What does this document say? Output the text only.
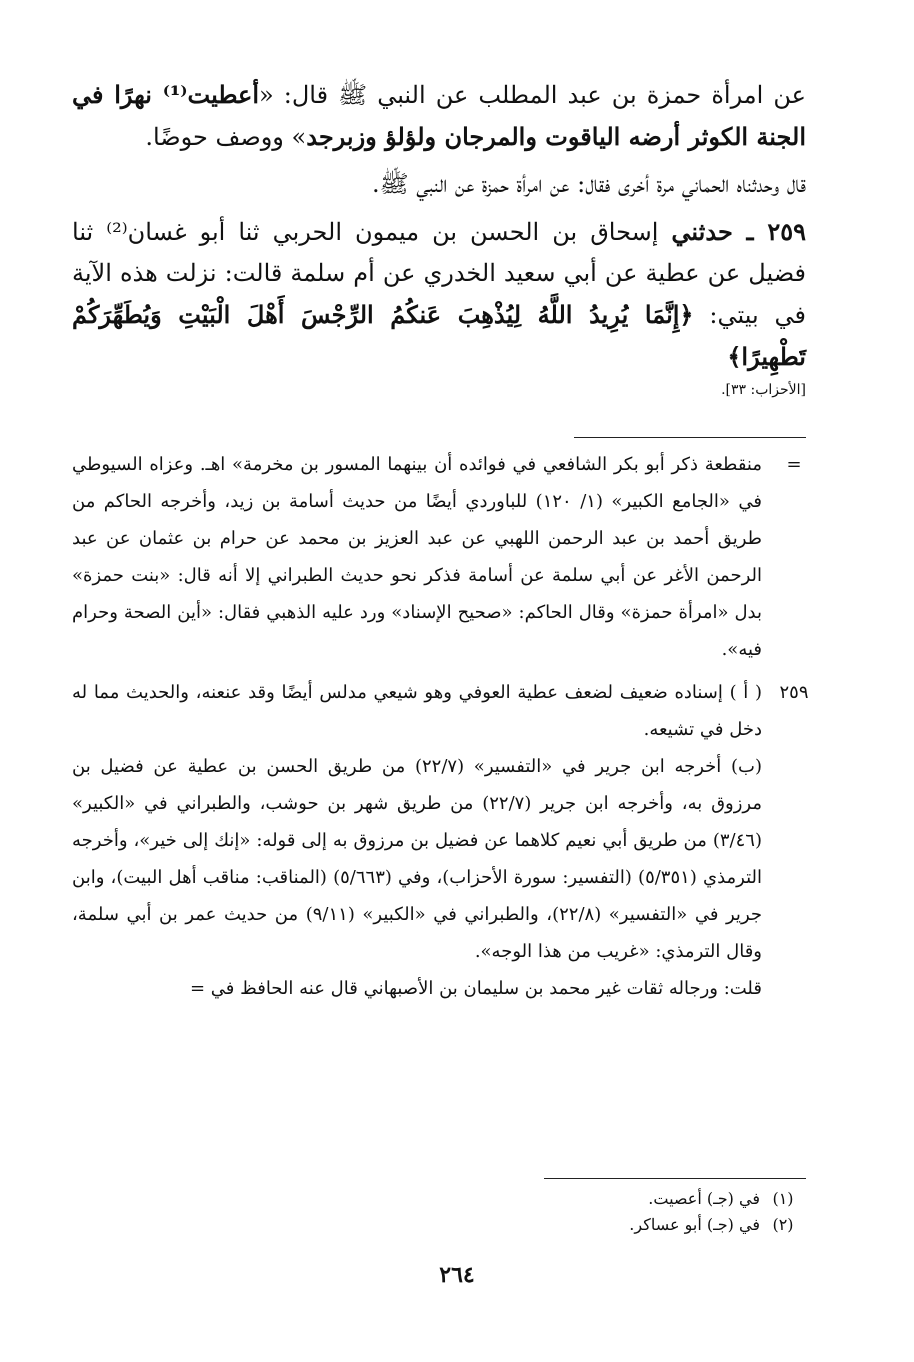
عن امرأة حمزة بن عبد المطلب عن النبي ﷺ قال: «أعطيت⁽¹⁾ نهرًا في الجنة الكوثر أرضه الياقوت والمرجان ولؤلؤ وزبرجد» ووصف حوضًا.

قال وحدثناه الحماني مرة أخرى فقال: عن امرأة حمزة عن النبي ﷺ.

٢٥٩ ـ حدثني إسحاق بن الحسن بن ميمون الحربي ثنا أبو غسان⁽²⁾ ثنا فضيل عن عطية عن أبي سعيد الخدري عن أم سلمة قالت: نزلت هذه الآية في بيتي: ﴿إِنَّمَا يُرِيدُ اللَّهُ لِيُذْهِبَ عَنكُمُ الرِّجْسَ أَهْلَ الْبَيْتِ وَيُطَهِّرَكُمْ تَطْهِيرًا﴾

[الأحزاب: ٣٣].
=

منقطعة ذكر أبو بكر الشافعي في فوائده أن بينهما المسور بن مخرمة» اهـ. وعزاه السيوطي في «الجامع الكبير» (١/ ١٢٠) للباوردي أيضًا من حديث أسامة بن زيد، وأخرجه الحاكم من طريق أحمد بن عبد الرحمن اللهبي عن عبد العزيز بن محمد عن حرام بن عثمان عن عبد الرحمن الأغر عن أبي سلمة عن أسامة فذكر نحو حديث الطبراني إلا أنه قال: «بنت حمزة» بدل «امرأة حمزة» وقال الحاكم: «صحيح الإسناد» ورد عليه الذهبي فقال: «أين الصحة وحرام فيه».

٢٥٩

( أ ) إسناده ضعيف لضعف عطية العوفي وهو شيعي مدلس أيضًا وقد عنعنه، والحديث مما له دخل في تشيعه.

(ب) أخرجه ابن جرير في «التفسير» (٢٢/٧) من طريق الحسن بن عطية عن فضيل بن مرزوق به، وأخرجه ابن جرير (٢٢/٧) من طريق شهر بن حوشب، والطبراني في «الكبير» (٣/٤٦) من طريق أبي نعيم كلاهما عن فضيل بن مرزوق به إلى قوله: «إنك إلى خير»، وأخرجه الترمذي (٥/٣٥١) (التفسير: سورة الأحزاب)، وفي (٥/٦٦٣) (المناقب: مناقب أهل البيت)، وابن جرير في «التفسير» (٢٢/٨)، والطبراني في «الكبير» (٩/١١) من حديث عمر بن أبي سلمة، وقال الترمذي: «غريب من هذا الوجه».

قلت: ورجاله ثقات غير محمد بن سليمان بن الأصبهاني قال عنه الحافظ في =

(١)
في (جـ) أعصيت.
(٢)
في (جـ) أبو عساكر.
٢٦٤
